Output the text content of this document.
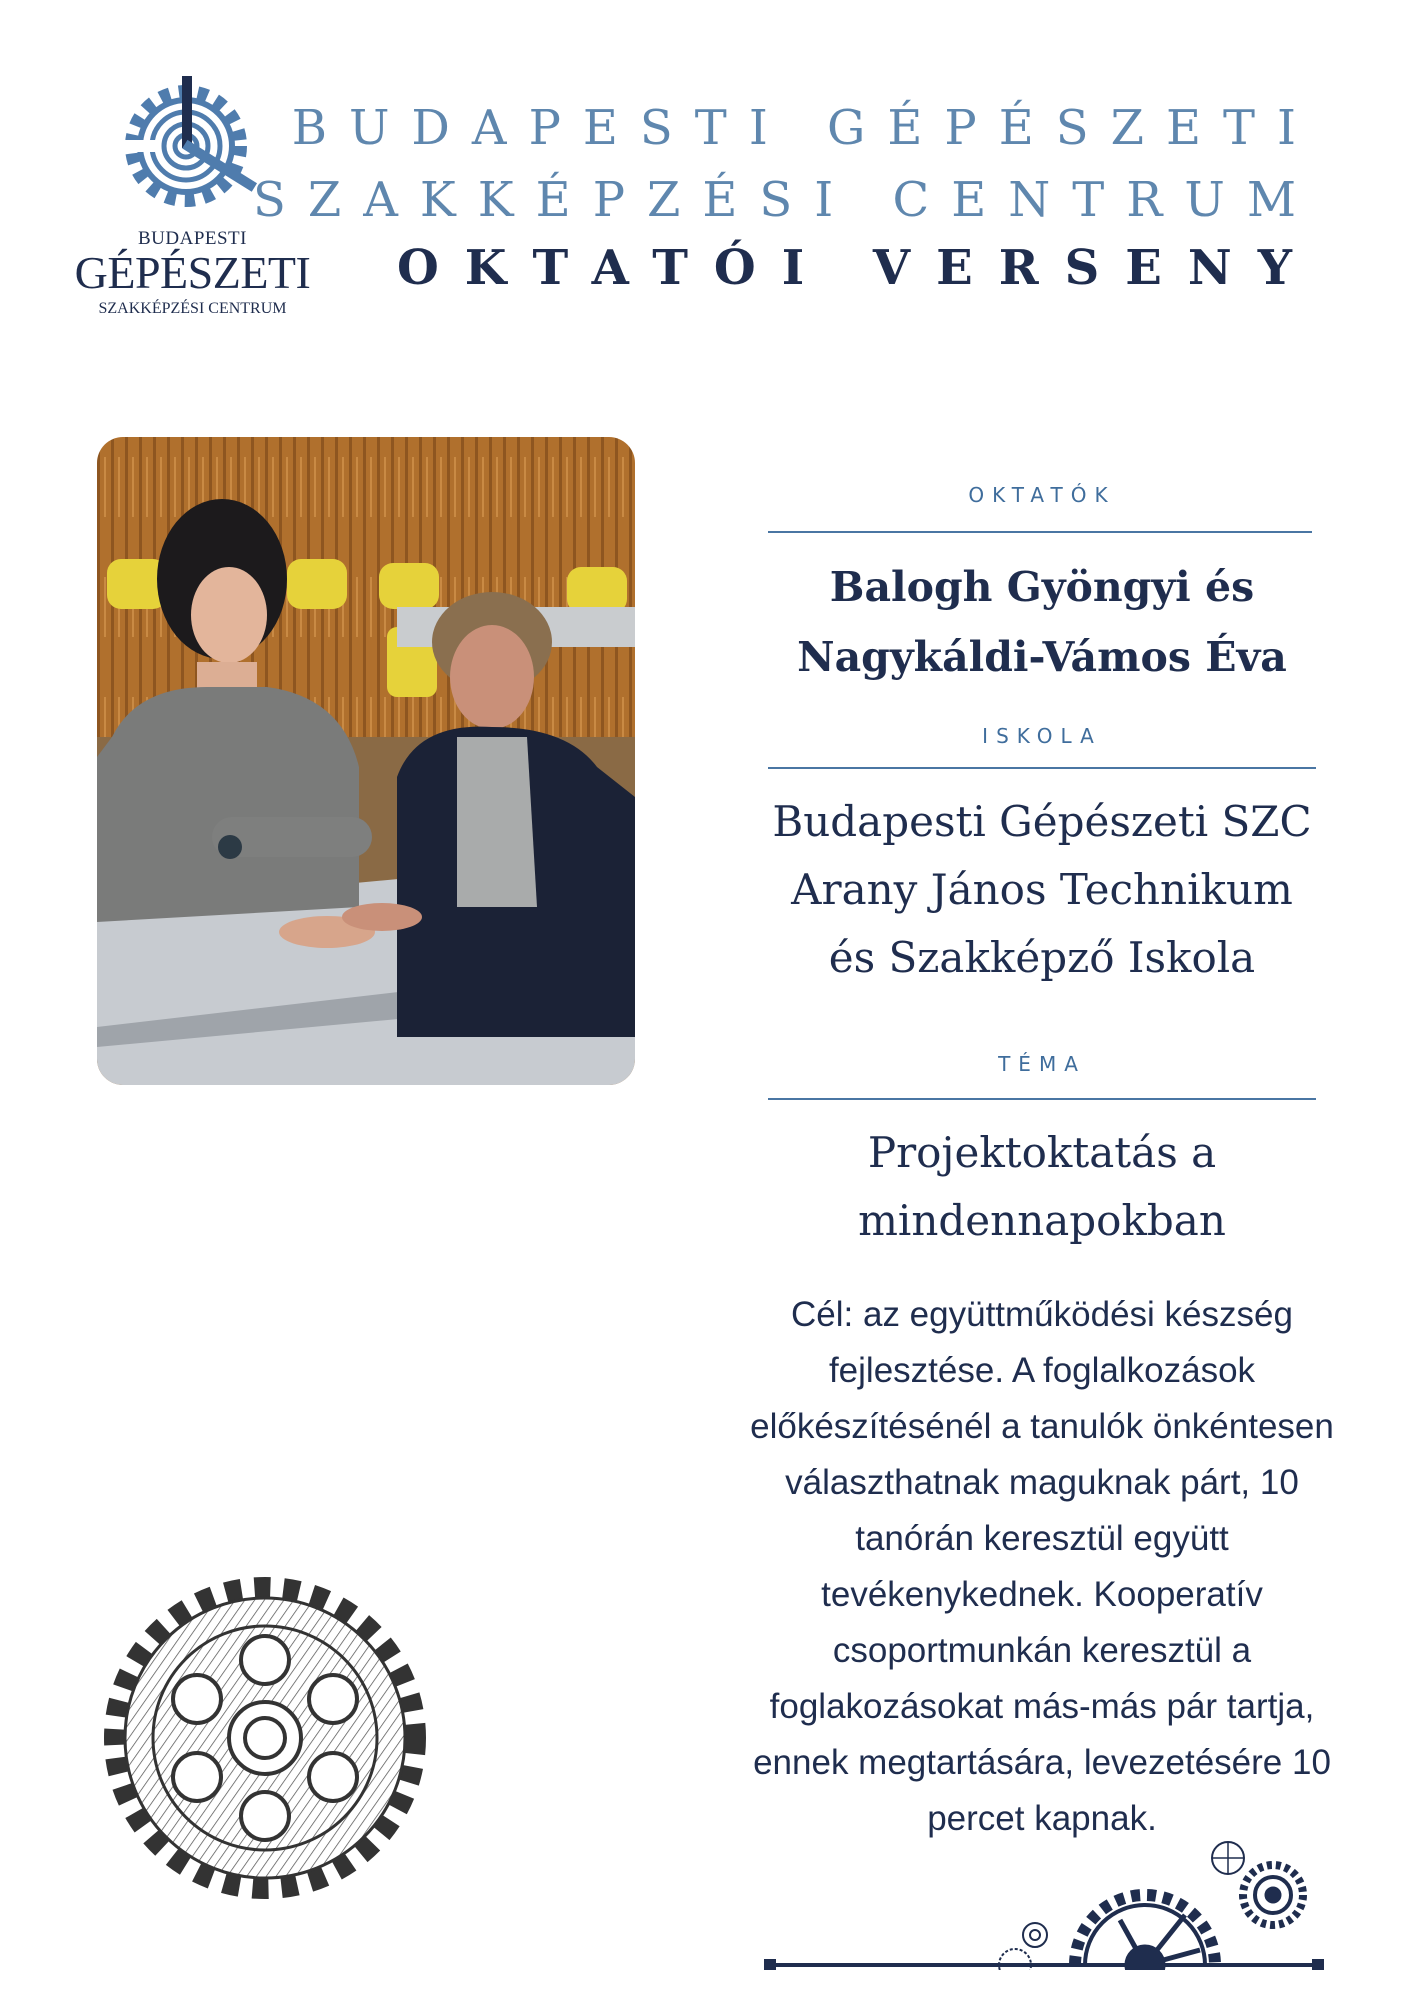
BUDAPESTI
GÉPÉSZETI
SZAKKÉPZÉSI CENTRUM
BUDAPESTI GÉPÉSZETI
SZAKKÉPZÉSI CENTRUM
OKTATÓI VERSENY
OKTATÓK
Balogh Gyöngyi és
Nagykáldi-Vámos Éva
ISKOLA
Budapesti Gépészeti SZC
Arany János Technikum
és Szakképző Iskola
TÉMA
Projektoktatás a
mindennapokban
Cél: az együttműködési készség
fejlesztése. A foglalkozások
előkészítésénél a tanulók önkéntesen
választhatnak maguknak párt, 10
tanórán keresztül együtt
tevékenykednek. Kooperatív
csoportmunkán keresztül a
foglakozásokat más-más pár tartja,
ennek megtartására, levezetésére 10
percet kapnak.
